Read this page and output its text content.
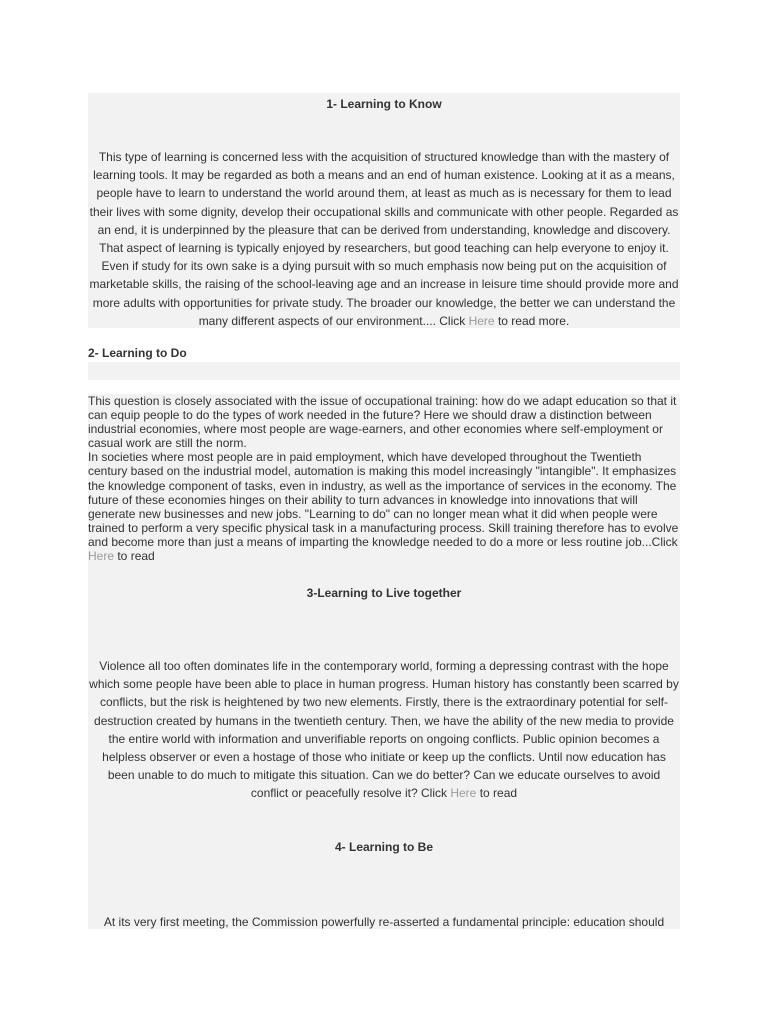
1- Learning to Know

This type of learning is concerned less with the acquisition of structured knowledge than with the mastery of learning tools. It may be regarded as both a means and an end of human existence. Looking at it as a means, people have to learn to understand the world around them, at least as much as is necessary for them to lead their lives with some dignity, develop their occupational skills and communicate with other people. Regarded as an end, it is underpinned by the pleasure that can be derived from understanding, knowledge and discovery. That aspect of learning is typically enjoyed by researchers, but good teaching can help everyone to enjoy it. Even if study for its own sake is a dying pursuit with so much emphasis now being put on the acquisition of marketable skills, the raising of the school-leaving age and an increase in leisure time should provide more and more adults with opportunities for private study. The broader our knowledge, the better we can understand the many different aspects of our environment.... Click Here to read more.

2- Learning to Do

This question is closely associated with the issue of occupational training: how do we adapt education so that it can equip people to do the types of work needed in the future? Here we should draw a distinction between industrial economies, where most people are wage-earners, and other economies where self-employment or casual work are still the norm.

In societies where most people are in paid employment, which have developed throughout the Twentieth century based on the industrial model, automation is making this model increasingly "intangible". It emphasizes the knowledge component of tasks, even in industry, as well as the importance of services in the economy. The future of these economies hinges on their ability to turn advances in knowledge into innovations that will generate new businesses and new jobs. "Learning to do" can no longer mean what it did when people were trained to perform a very specific physical task in a manufacturing process. Skill training therefore has to evolve and become more than just a means of imparting the knowledge needed to do a more or less routine job...Click Here to read

3-Learning to Live together

Violence all too often dominates life in the contemporary world, forming a depressing contrast with the hope which some people have been able to place in human progress. Human history has constantly been scarred by conflicts, but the risk is heightened by two new elements. Firstly, there is the extraordinary potential for self-destruction created by humans in the twentieth century. Then, we have the ability of the new media to provide the entire world with information and unverifiable reports on ongoing conflicts. Public opinion becomes a helpless observer or even a hostage of those who initiate or keep up the conflicts. Until now education has been unable to do much to mitigate this situation. Can we do better? Can we educate ourselves to avoid conflict or peacefully resolve it? Click Here to read

4- Learning to Be

At its very first meeting, the Commission powerfully re-asserted a fundamental principle: education should
